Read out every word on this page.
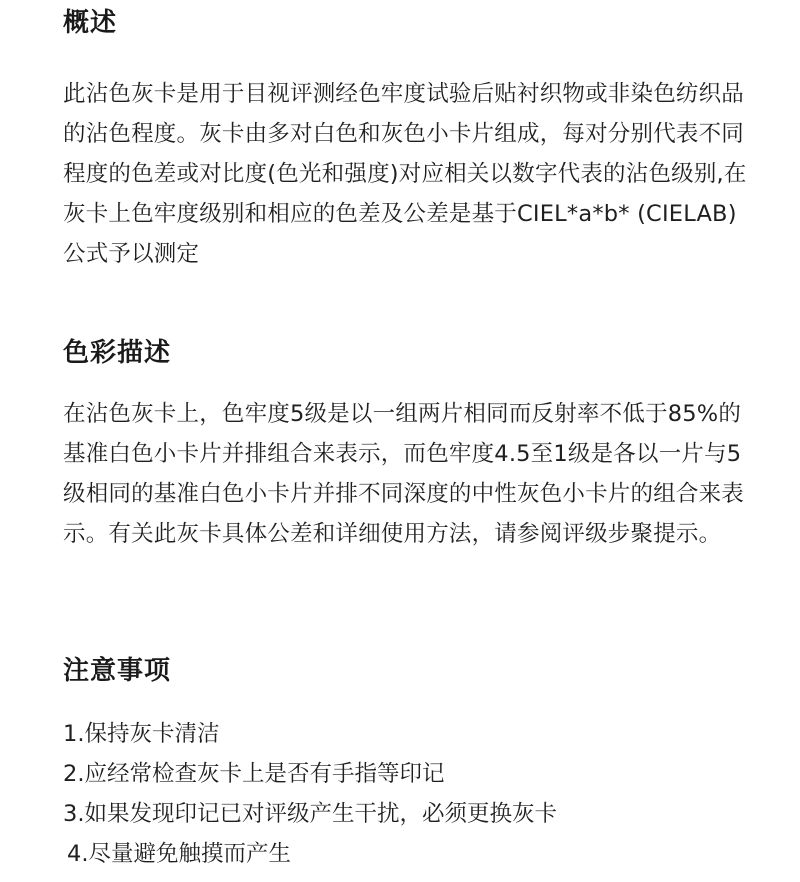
概述

此沾色灰卡是用于目视评测经色牢度试验后贴衬织物或非染色纺织品的沾色程度。灰卡由多对白色和灰色小卡片组成，每对分别代表不同程度的色差或对比度(色光和强度)对应相关以数字代表的沾色级别,在灰卡上色牢度级别和相应的色差及公差是基于CIEL*a*b* (CIELAB)公式予以测定

色彩描述

在沾色灰卡上，色牢度5级是以一组两片相同而反射率不低于85%的基准白色小卡片并排组合来表示，而色牢度4.5至1级是各以一片与5级相同的基准白色小卡片并排不同深度的中性灰色小卡片的组合来表示。有关此灰卡具体公差和详细使用方法，请参阅评级步聚提示。

注意事项
1.保持灰卡清洁
2.应经常检查灰卡上是否有手指等印记
3.如果发现印记已对评级产生干扰，必须更换灰卡
4.尽量避免触摸而产生
